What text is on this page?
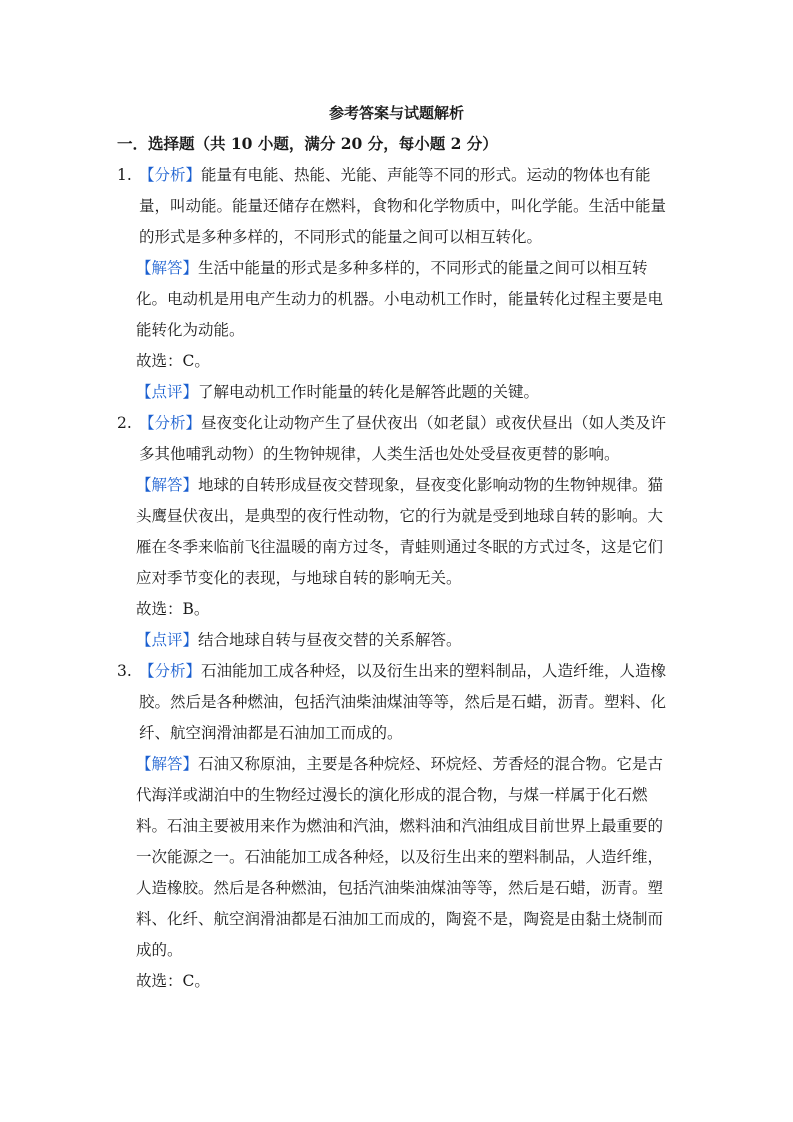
参考答案与试题解析
一．选择题（共 10 小题，满分 20 分，每小题 2 分）
1. 【分析】能量有电能、热能、光能、声能等不同的形式。运动的物体也有能量，叫动能。能量还储存在燃料，食物和化学物质中，叫化学能。生活中能量的形式是多种多样的，不同形式的能量之间可以相互转化。
【解答】生活中能量的形式是多种多样的，不同形式的能量之间可以相互转化。电动机是用电产生动力的机器。小电动机工作时，能量转化过程主要是电能转化为动能。
故选：C。
【点评】了解电动机工作时能量的转化是解答此题的关键。
2. 【分析】昼夜变化让动物产生了昼伏夜出（如老鼠）或夜伏昼出（如人类及许多其他哺乳动物）的生物钟规律，人类生活也处处受昼夜更替的影响。
【解答】地球的自转形成昼夜交替现象，昼夜变化影响动物的生物钟规律。猫头鹰昼伏夜出，是典型的夜行性动物，它的行为就是受到地球自转的影响。大雁在冬季来临前飞往温暖的南方过冬，青蛙则通过冬眠的方式过冬，这是它们应对季节变化的表现，与地球自转的影响无关。
故选：B。
【点评】结合地球自转与昼夜交替的关系解答。
3. 【分析】石油能加工成各种烃，以及衍生出来的塑料制品，人造纤维，人造橡胶。然后是各种燃油，包括汽油柴油煤油等等，然后是石蜡，沥青。塑料、化纤、航空润滑油都是石油加工而成的。
【解答】石油又称原油，主要是各种烷烃、环烷烃、芳香烃的混合物。它是古代海洋或湖泊中的生物经过漫长的演化形成的混合物，与煤一样属于化石燃料。石油主要被用来作为燃油和汽油，燃料油和汽油组成目前世界上最重要的一次能源之一。石油能加工成各种烃，以及衍生出来的塑料制品，人造纤维，人造橡胶。然后是各种燃油，包括汽油柴油煤油等等，然后是石蜡，沥青。塑料、化纤、航空润滑油都是石油加工而成的，陶瓷不是，陶瓷是由黏土烧制而成的。
故选：C。
